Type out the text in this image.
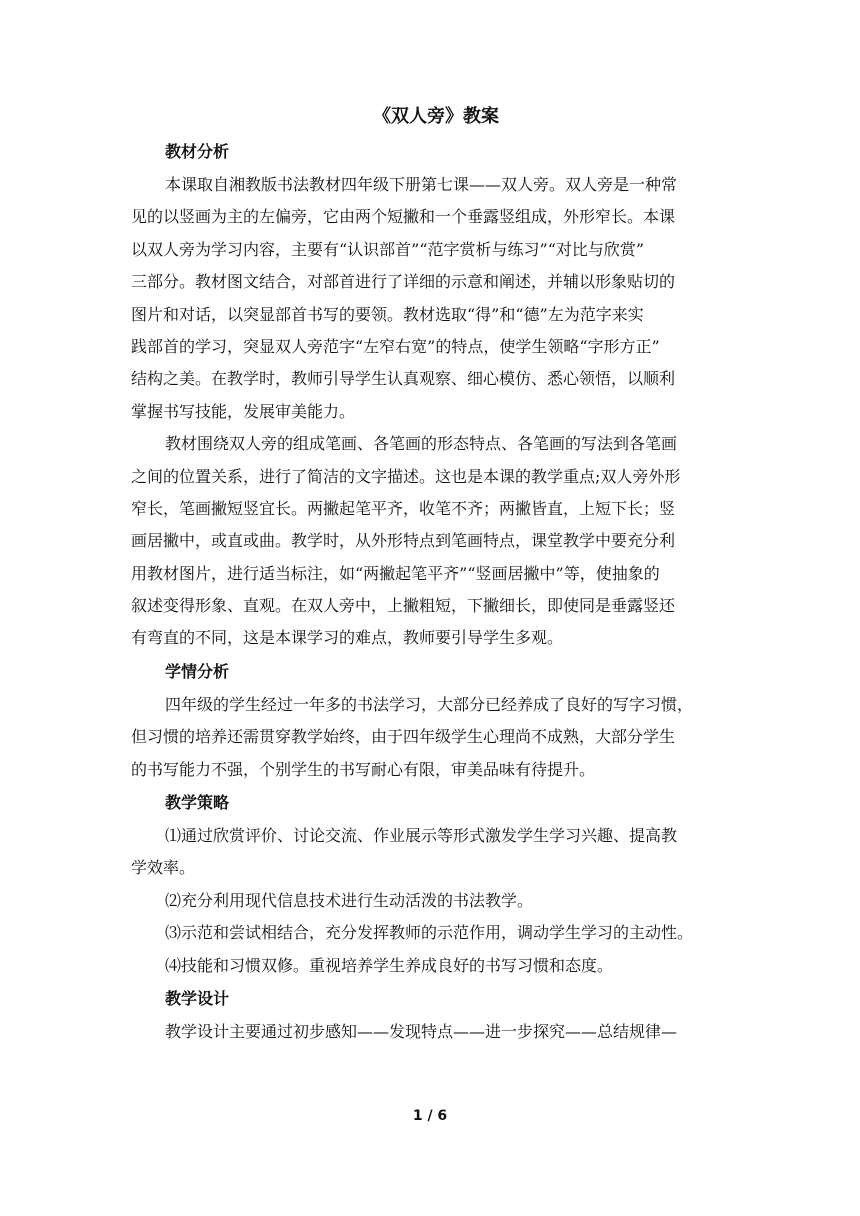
《双人旁》教案
教材分析
本课取自湘教版书法教材四年级下册第七课——双人旁。双人旁是一种常
见的以竖画为主的左偏旁，它由两个短撇和一个垂露竖组成，外形窄长。本课
以双人旁为学习内容，主要有“认识部首”“范字赏析与练习”“对比与欣赏”
三部分。教材图文结合，对部首进行了详细的示意和阐述，并辅以形象贴切的
图片和对话，以突显部首书写的要领。教材选取“得”和“德”左为范字来实
践部首的学习，突显双人旁范字“左窄右宽”的特点，使学生领略“字形方正”
结构之美。在教学时，教师引导学生认真观察、细心模仿、悉心领悟，以顺利
掌握书写技能，发展审美能力。
教材围绕双人旁的组成笔画、各笔画的形态特点、各笔画的写法到各笔画
之间的位置关系，进行了简洁的文字描述。这也是本课的教学重点;双人旁外形
窄长，笔画撇短竖宜长。两撇起笔平齐，收笔不齐；两撇皆直，上短下长；竖
画居撇中，或直或曲。教学时，从外形特点到笔画特点，课堂教学中要充分利
用教材图片，进行适当标注，如“两撇起笔平齐”“竖画居撇中”等，使抽象的
叙述变得形象、直观。在双人旁中，上撇粗短，下撇细长，即使同是垂露竖还
有弯直的不同，这是本课学习的难点，教师要引导学生多观。
学情分析
四年级的学生经过一年多的书法学习，大部分已经养成了良好的写字习惯，
但习惯的培养还需贯穿教学始终，由于四年级学生心理尚不成熟，大部分学生
的书写能力不强，个别学生的书写耐心有限，审美品味有待提升。
教学策略
⑴通过欣赏评价、讨论交流、作业展示等形式激发学生学习兴趣、提高教
学效率。
⑵充分利用现代信息技术进行生动活泼的书法教学。
⑶示范和尝试相结合，充分发挥教师的示范作用，调动学生学习的主动性。
⑷技能和习惯双修。重视培养学生养成良好的书写习惯和态度。
教学设计
教学设计主要通过初步感知——发现特点——进一步探究——总结规律—
1 / 6
